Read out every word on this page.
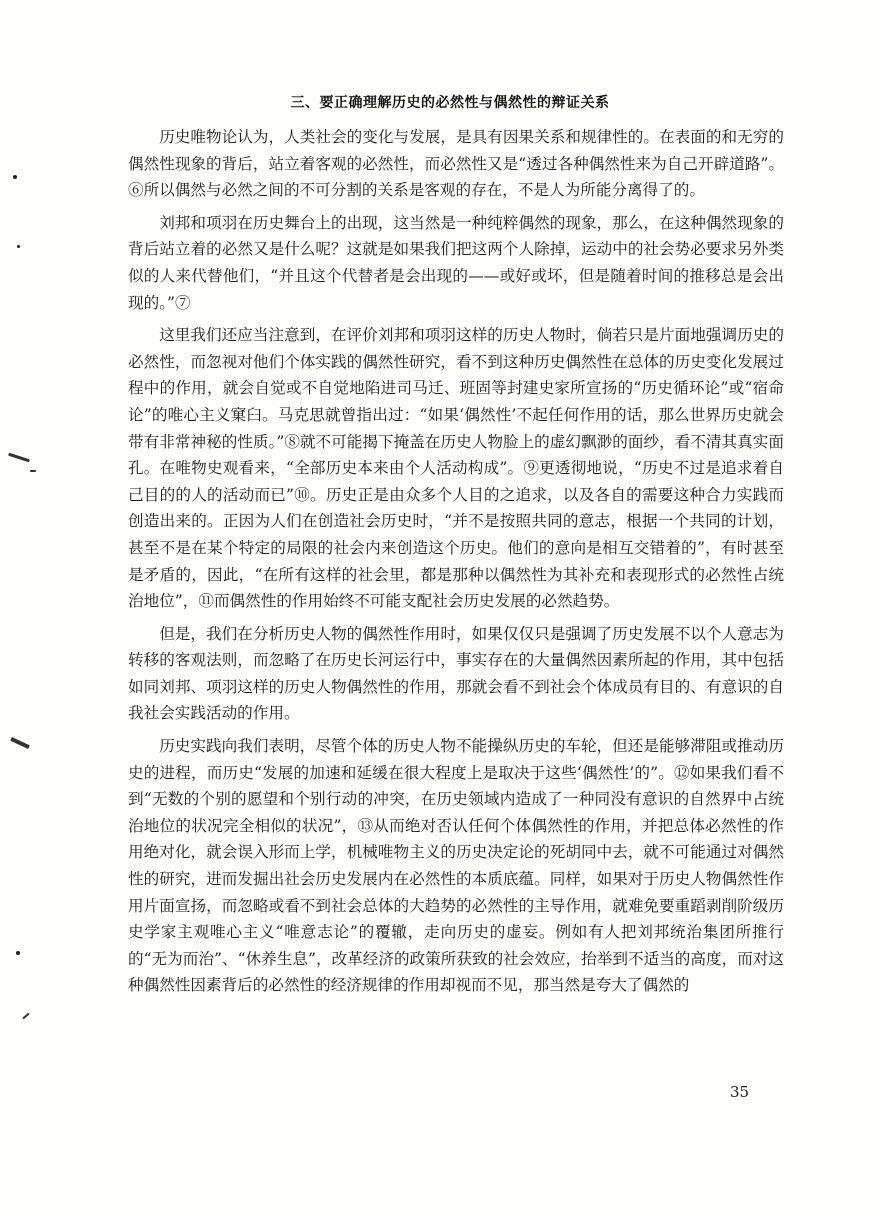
三、要正确理解历史的必然性与偶然性的辩证关系

历史唯物论认为，人类社会的变化与发展，是具有因果关系和规律性的。在表面的和无穷的偶然性现象的背后，站立着客观的必然性，而必然性又是“透过各种偶然性来为自己开辟道路”。⑥所以偶然与必然之间的不可分割的关系是客观的存在，不是人为所能分离得了的。

刘邦和项羽在历史舞台上的出现，这当然是一种纯粹偶然的现象，那么，在这种偶然现象的背后站立着的必然又是什么呢？这就是如果我们把这两个人除掉，运动中的社会势必要求另外类似的人来代替他们，“并且这个代替者是会出现的——或好或坏，但是随着时间的推移总是会出现的。”⑦

这里我们还应当注意到，在评价刘邦和项羽这样的历史人物时，倘若只是片面地强调历史的必然性，而忽视对他们个体实践的偶然性研究，看不到这种历史偶然性在总体的历史变化发展过程中的作用，就会自觉或不自觉地陷进司马迁、班固等封建史家所宣扬的“历史循环论”或“宿命论”的唯心主义窠臼。马克思就曾指出过：“如果‘偶然性’不起任何作用的话，那么世界历史就会带有非常神秘的性质。”⑧就不可能揭下掩盖在历史人物脸上的虚幻飘渺的面纱，看不清其真实面孔。在唯物史观看来，“全部历史本来由个人活动构成”。⑨更透彻地说，“历史不过是追求着自己目的的人的活动而已”⑩。历史正是由众多个人目的之追求，以及各自的需要这种合力实践而创造出来的。正因为人们在创造社会历史时，“并不是按照共同的意志，根据一个共同的计划，甚至不是在某个特定的局限的社会内来创造这个历史。他们的意向是相互交错着的”，有时甚至是矛盾的，因此，“在所有这样的社会里，都是那种以偶然性为其补充和表现形式的必然性占统治地位”，⑪而偶然性的作用始终不可能支配社会历史发展的必然趋势。

但是，我们在分析历史人物的偶然性作用时，如果仅仅只是强调了历史发展不以个人意志为转移的客观法则，而忽略了在历史长河运行中，事实存在的大量偶然因素所起的作用，其中包括如同刘邦、项羽这样的历史人物偶然性的作用，那就会看不到社会个体成员有目的、有意识的自我社会实践活动的作用。

历史实践向我们表明，尽管个体的历史人物不能操纵历史的车轮，但还是能够滞阻或推动历史的进程，而历史“发展的加速和延缓在很大程度上是取决于这些‘偶然性’的”。⑫如果我们看不到“无数的个别的愿望和个别行动的冲突，在历史领域内造成了一种同没有意识的自然界中占统治地位的状况完全相似的状况”，⑬从而绝对否认任何个体偶然性的作用，并把总体必然性的作用绝对化，就会误入形而上学，机械唯物主义的历史决定论的死胡同中去，就不可能通过对偶然性的研究，进而发掘出社会历史发展内在必然性的本质底蕴。同样，如果对于历史人物偶然性作用片面宣扬，而忽略或看不到社会总体的大趋势的必然性的主导作用，就难免要重蹈剥削阶级历史学家主观唯心主义“唯意志论”的覆辙，走向历史的虚妄。例如有人把刘邦统治集团所推行的“无为而治”、“休养生息”，改革经济的政策所获致的社会效应，抬举到不适当的高度，而对这种偶然性因素背后的必然性的经济规律的作用却视而不见，那当然是夸大了偶然的

35
